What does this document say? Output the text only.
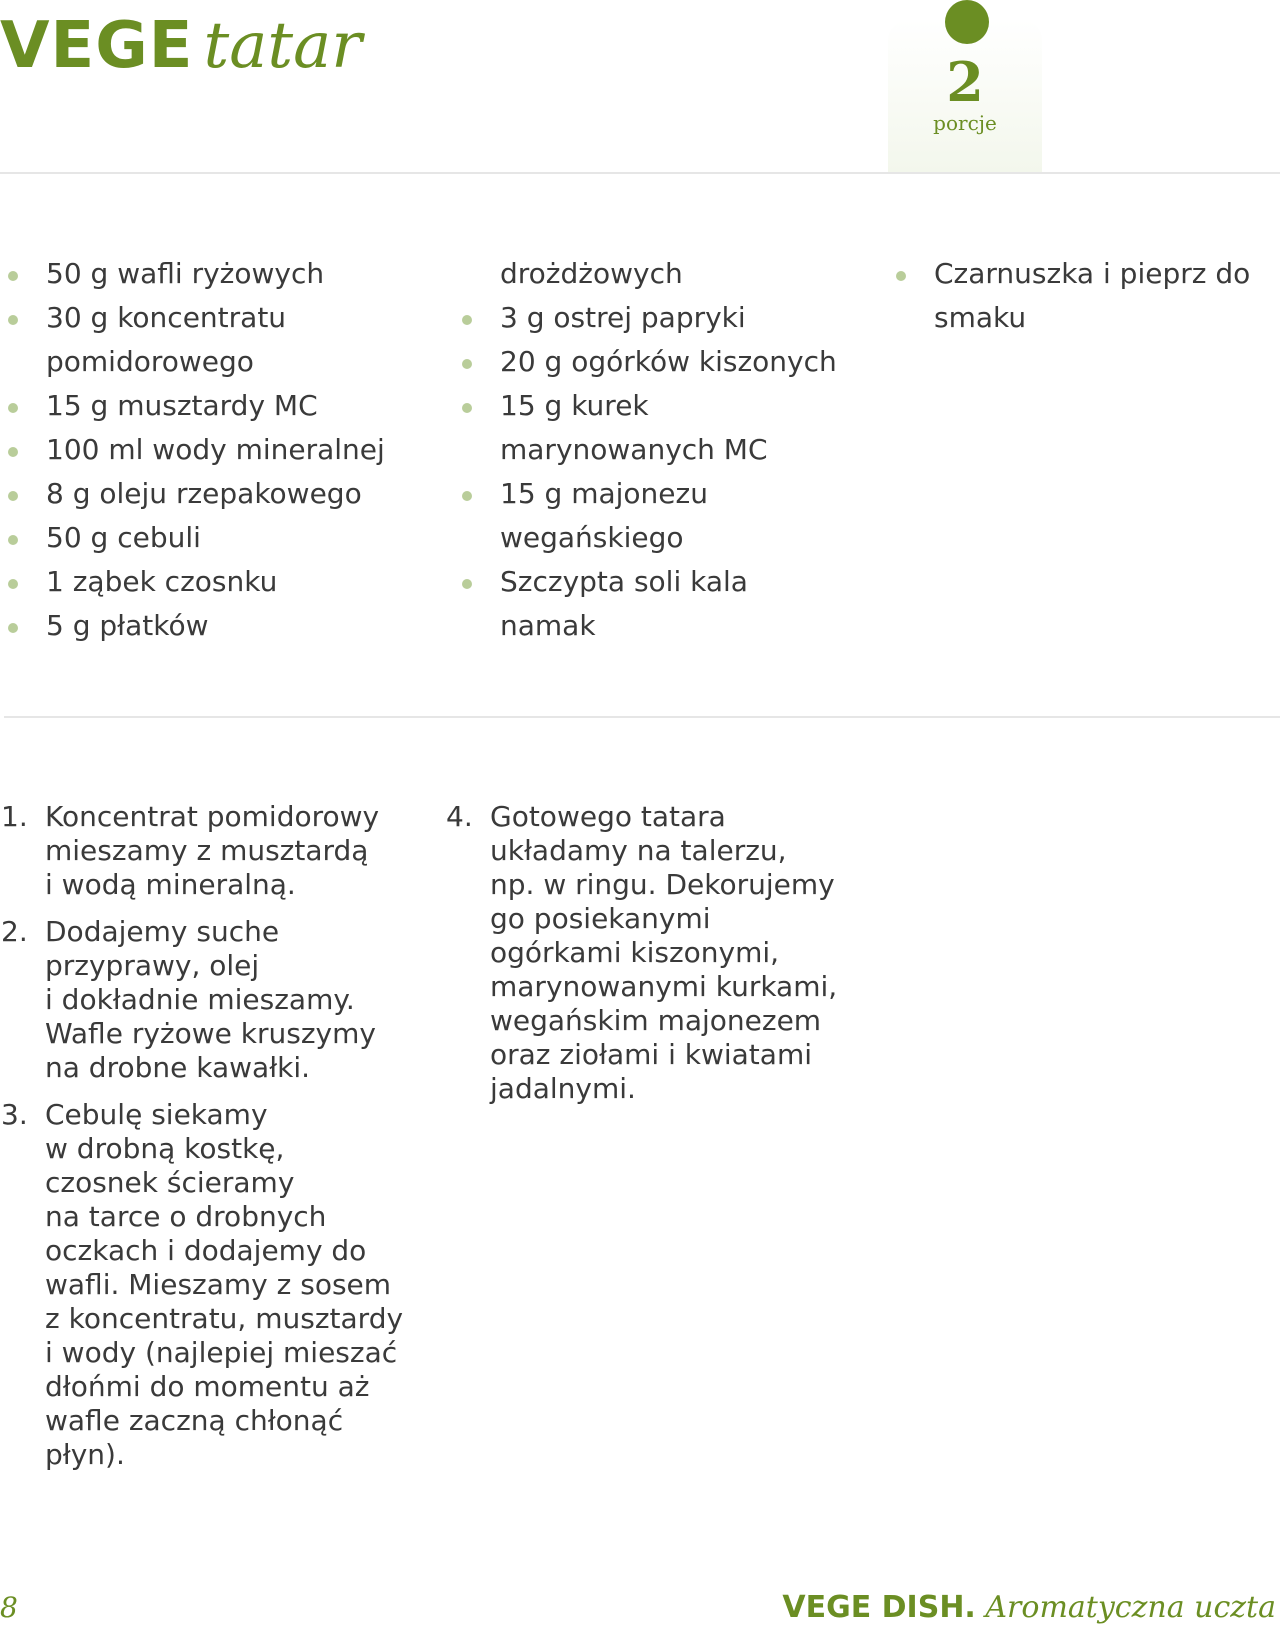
VEGE tatar	2
porcje
50 g wafli ryżowych
30 g koncentratu
pomidorowego
15 g musztardy MC
100 ml wody mineralnej
8 g oleju rzepakowego
50 g cebuli
1 ząbek czosnku
5 g płatków
drożdżowych
3 g ostrej papryki
20 g ogórków kiszonych
15 g kurek
marynowanych MC
15 g majonezu
wegańskiego
Szczypta soli kala
namak
Czarnuszka i pieprz do
smaku
1. Koncentrat pomidorowy
mieszamy z musztardą
i wodą mineralną.
2. Dodajemy suche
przyprawy, olej
i dokładnie mieszamy.
Wafle ryżowe kruszymy
na drobne kawałki.
3. Cebulę siekamy
w drobną kostkę,
czosnek ścieramy
na tarce o drobnych
oczkach i dodajemy do
wafli. Mieszamy z sosem
z koncentratu, musztardy
i wody (najlepiej mieszać
dłońmi do momentu aż
wafle zaczną chłonąć
płyn).
4. Gotowego tatara
układamy na talerzu,
np. w ringu. Dekorujemy
go posiekanymi
ogórkami kiszonymi,
marynowanymi kurkami,
wegańskim majonezem
oraz ziołami i kwiatami
jadalnymi.
8	VEGE DISH. Aromatyczna uczta
